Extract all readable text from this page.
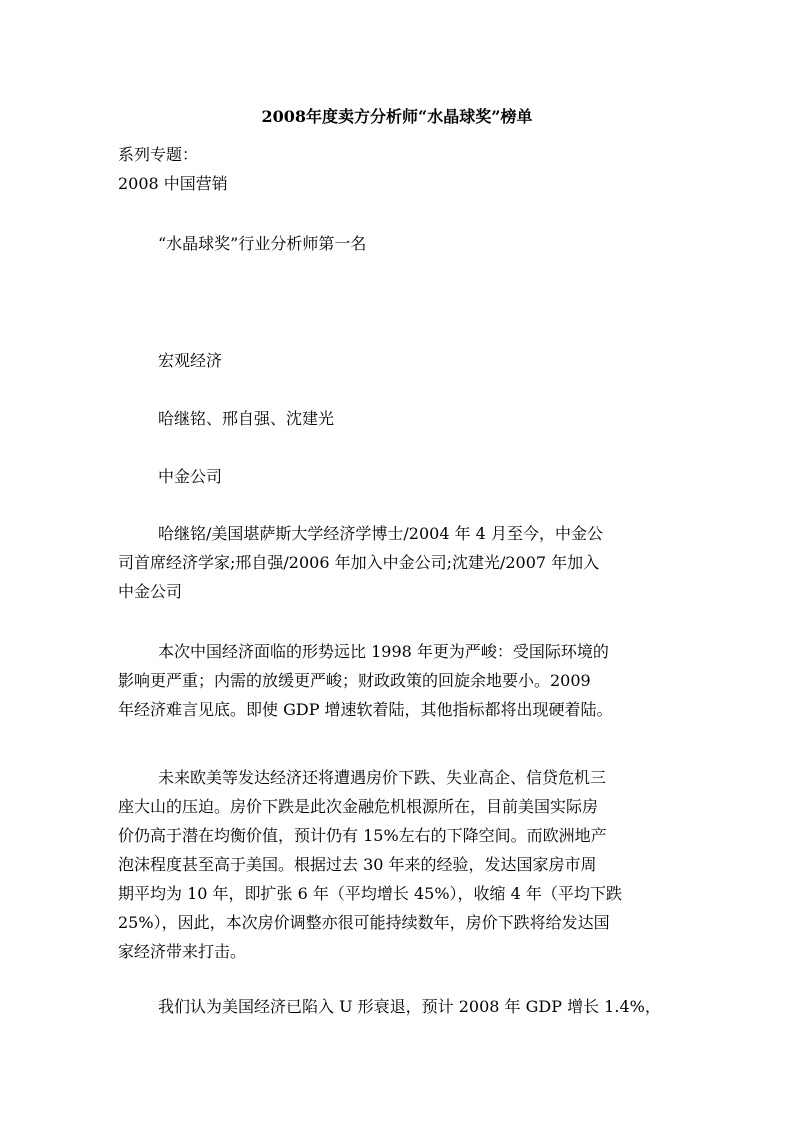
2008年度卖方分析师“水晶球奖”榜单
系列专题：
2008 中国营销
“水晶球奖”行业分析师第一名
宏观经济
哈继铭、邢自强、沈建光
中金公司
哈继铭/美国堪萨斯大学经济学博士/2004 年 4 月至今，中金公
司首席经济学家;邢自强/2006 年加入中金公司;沈建光/2007 年加入
中金公司
本次中国经济面临的形势远比 1998 年更为严峻：受国际环境的
影响更严重；内需的放缓更严峻；财政政策的回旋余地要小。2009
年经济难言见底。即使 GDP 增速软着陆，其他指标都将出现硬着陆。
未来欧美等发达经济还将遭遇房价下跌、失业高企、信贷危机三
座大山的压迫。房价下跌是此次金融危机根源所在，目前美国实际房
价仍高于潜在均衡价值，预计仍有 15%左右的下降空间。而欧洲地产
泡沫程度甚至高于美国。根据过去 30 年来的经验，发达国家房市周
期平均为 10 年，即扩张 6 年（平均增长 45%），收缩 4 年（平均下跌
25%），因此，本次房价调整亦很可能持续数年，房价下跌将给发达国
家经济带来打击。
我们认为美国经济已陷入 U 形衰退，预计 2008 年 GDP 增长 1.4%，
